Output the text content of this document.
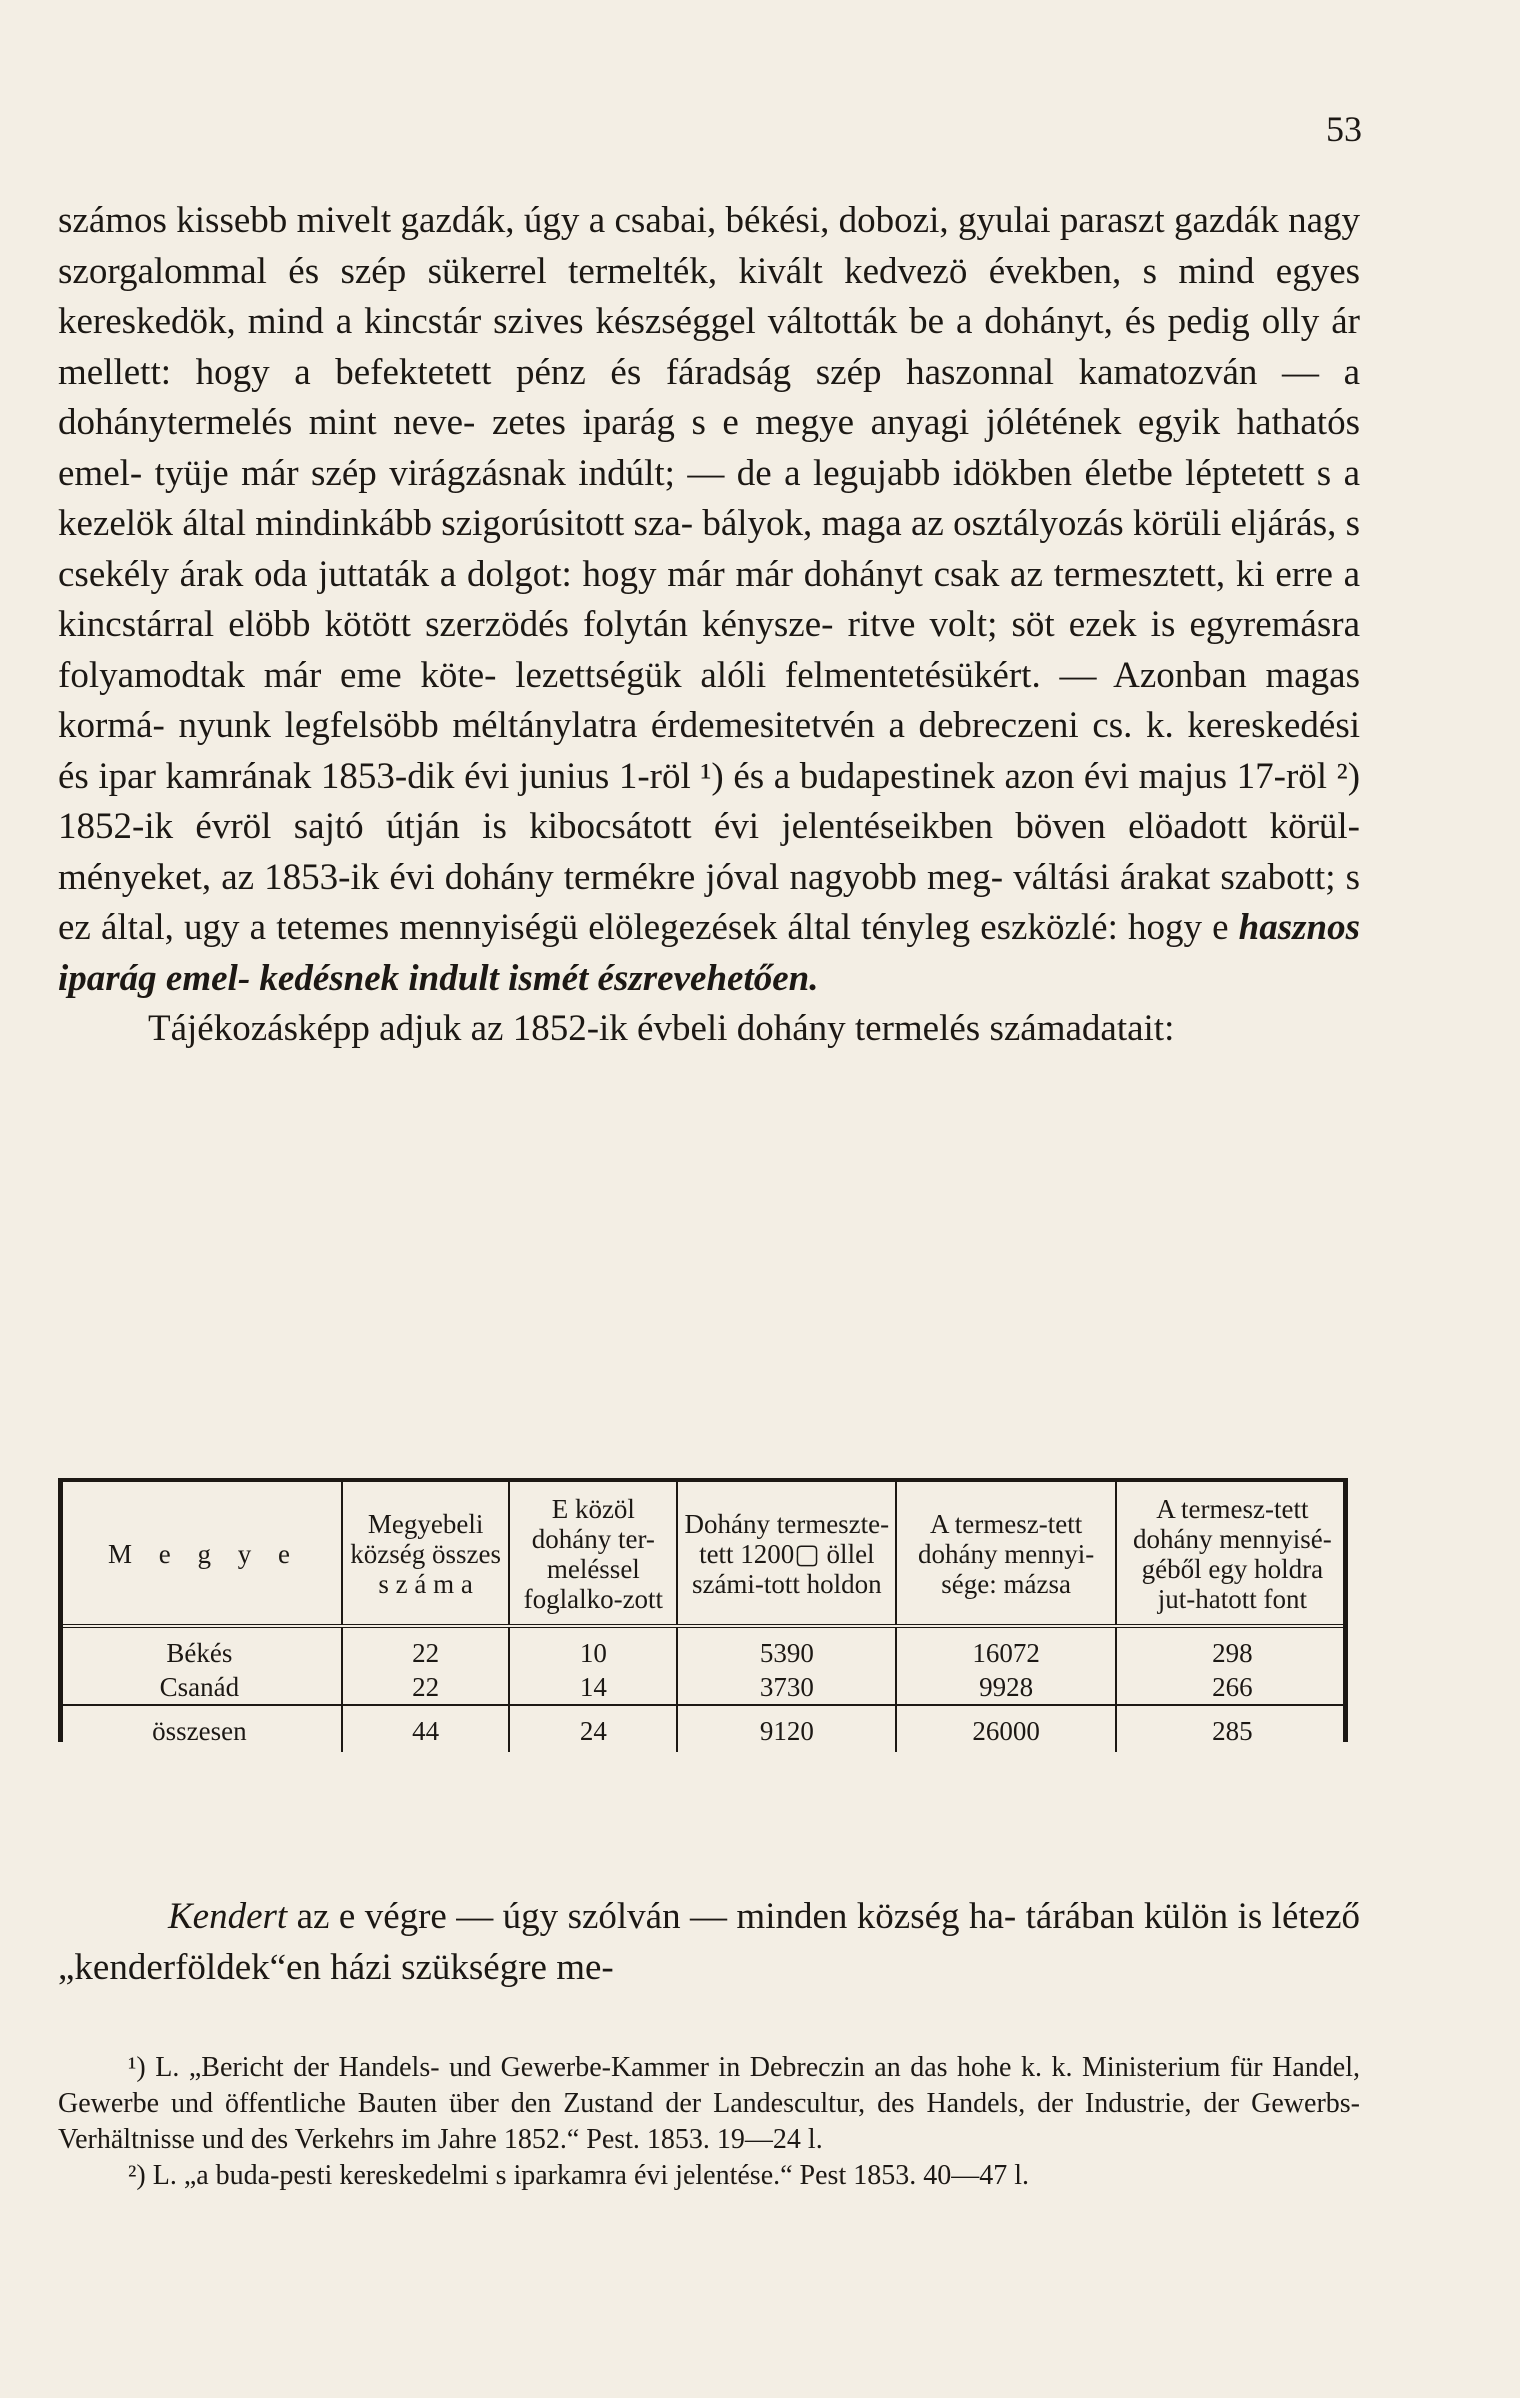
53

számos kissebb mivelt gazdák, úgy a csabai, békési, dobozi, gyulai paraszt gazdák nagy szorgalommal és szép sükerrel termelték, kivált kedvezö években, s mind egyes kereskedök, mind a kincstár szives készséggel váltották be a dohányt, és pedig olly ár mellett: hogy a befektetett pénz és fáradság szép haszonnal kamatozván — a dohánytermelés mint neve- zetes iparág s e megye anyagi jólétének egyik hathatós emel- tyüje már szép virágzásnak indúlt; — de a legujabb idökben életbe léptetett s a kezelök által mindinkább szigorúsitott sza- bályok, maga az osztályozás körüli eljárás, s csekély árak oda juttaták a dolgot: hogy már már dohányt csak az termesztett, ki erre a kincstárral elöbb kötött szerzödés folytán kénysze- ritve volt; söt ezek is egyremásra folyamodtak már eme köte- lezettségük alóli felmentetésükért. — Azonban magas kormá- nyunk legfelsöbb méltánylatra érdemesitetvén a debreczeni cs. k. kereskedési és ipar kamrának 1853-dik évi junius 1-röl ¹) és a budapestinek azon évi majus 17-röl ²) 1852-ik évröl sajtó útján is kibocsátott évi jelentéseikben böven elöadott körül- ményeket, az 1853-ik évi dohány termékre jóval nagyobb meg- váltási árakat szabott; s ez által, ugy a tetemes mennyiségü elölegezések által tényleg eszközlé: hogy e hasznos iparág emel- kedésnek indult ismét észrevehetően.

Tájékozásképp adjuk az 1852-ik évbeli dohány termelés számadatait:

M e g y e	Megyebeli község összes s z á m a	E közöl dohány ter-meléssel foglalko-zott	Dohány termeszte-tett 1200▢ öllel számi-tott holdon	A termesz-tett dohány mennyi-sége: mázsa	A termesz-tett dohány mennyisé-géből egy holdra jut-hatott font
Békés	22	10	5390	16072	298
Csanád	22	14	3730	9928	266
összesen	44	24	9120	26000	285

Kendert az e végre — úgy szólván — minden község ha- tárában külön is létező „kenderföldek“en házi szükségre me-

¹) L. „Bericht der Handels- und Gewerbe-Kammer in Debreczin an das hohe k. k. Ministerium für Handel, Gewerbe und öffentliche Bauten über den Zustand der Landescultur, des Handels, der Industrie, der Gewerbs-Verhältnisse und des Verkehrs im Jahre 1852.“ Pest. 1853. 19—24 l.

²) L. „a buda-pesti kereskedelmi s iparkamra évi jelentése.“ Pest 1853. 40—47 l.
